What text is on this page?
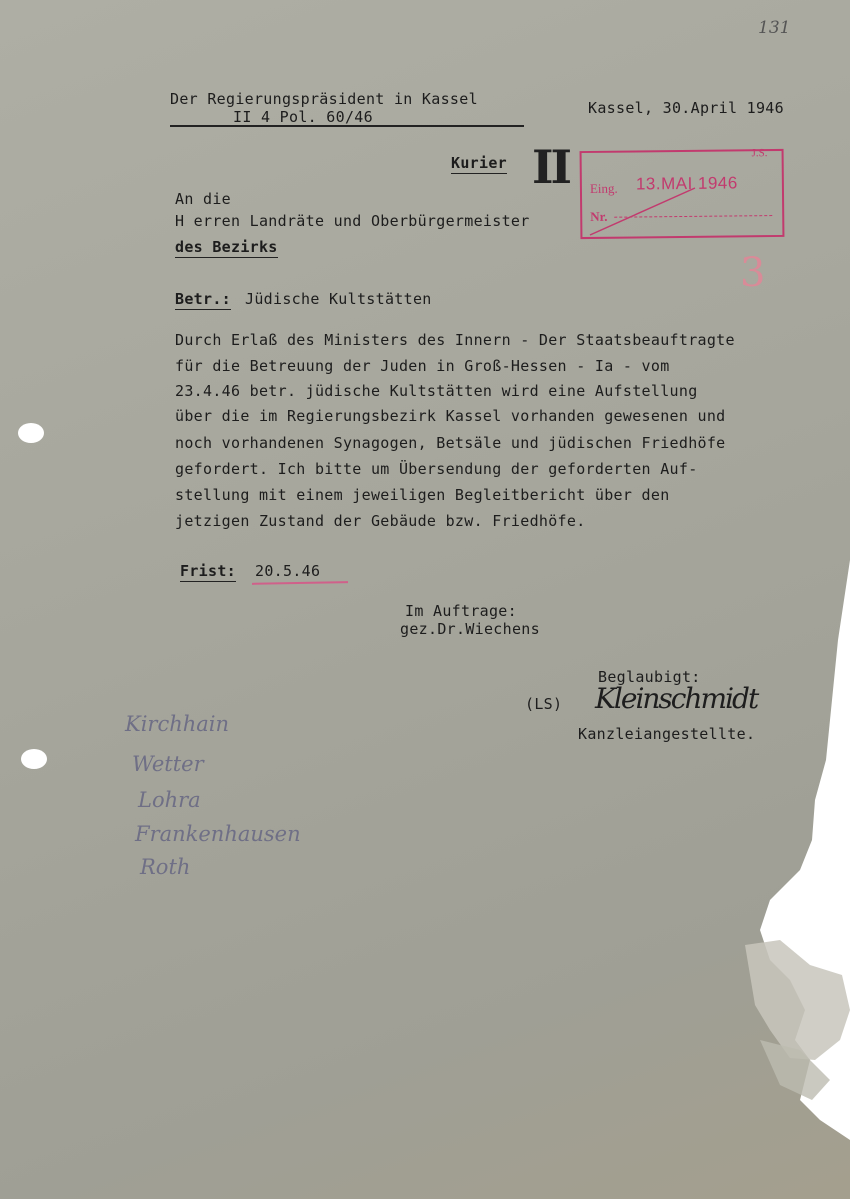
131
Der Regierungspräsident in Kassel
II 4 Pol. 60/46	Kassel, 30.April 1946
Kurier II Eing. 13.MAI 1946
Nr.
J.S.
3
An die
H erren Landräte und Oberbürgermeister
des Bezirks
Betr.: Jüdische Kultstätten
Durch Erlaß des Ministers des Innern - Der Staatsbeauftragte
für die Betreuung der Juden in Groß-Hessen - Ia - vom
23.4.46 betr. jüdische Kultstätten wird eine Aufstellung
über die im Regierungsbezirk Kassel vorhanden gewesenen und
noch vorhandenen Synagogen, Betsäle und jüdischen Friedhöfe
gefordert. Ich bitte um Übersendung der geforderten Auf-
stellung mit einem jeweiligen Begleitbericht über den
jetzigen Zustand der Gebäude bzw. Friedhöfe.
Frist: 20.5.46
Im Auftrage:
gez.Dr.Wiechens
Beglaubigt:
(LS) Kleinschmidt
Kanzleiangestellte.
Kirchhain
Wetter
Lohra
Frankenhausen
Roth
